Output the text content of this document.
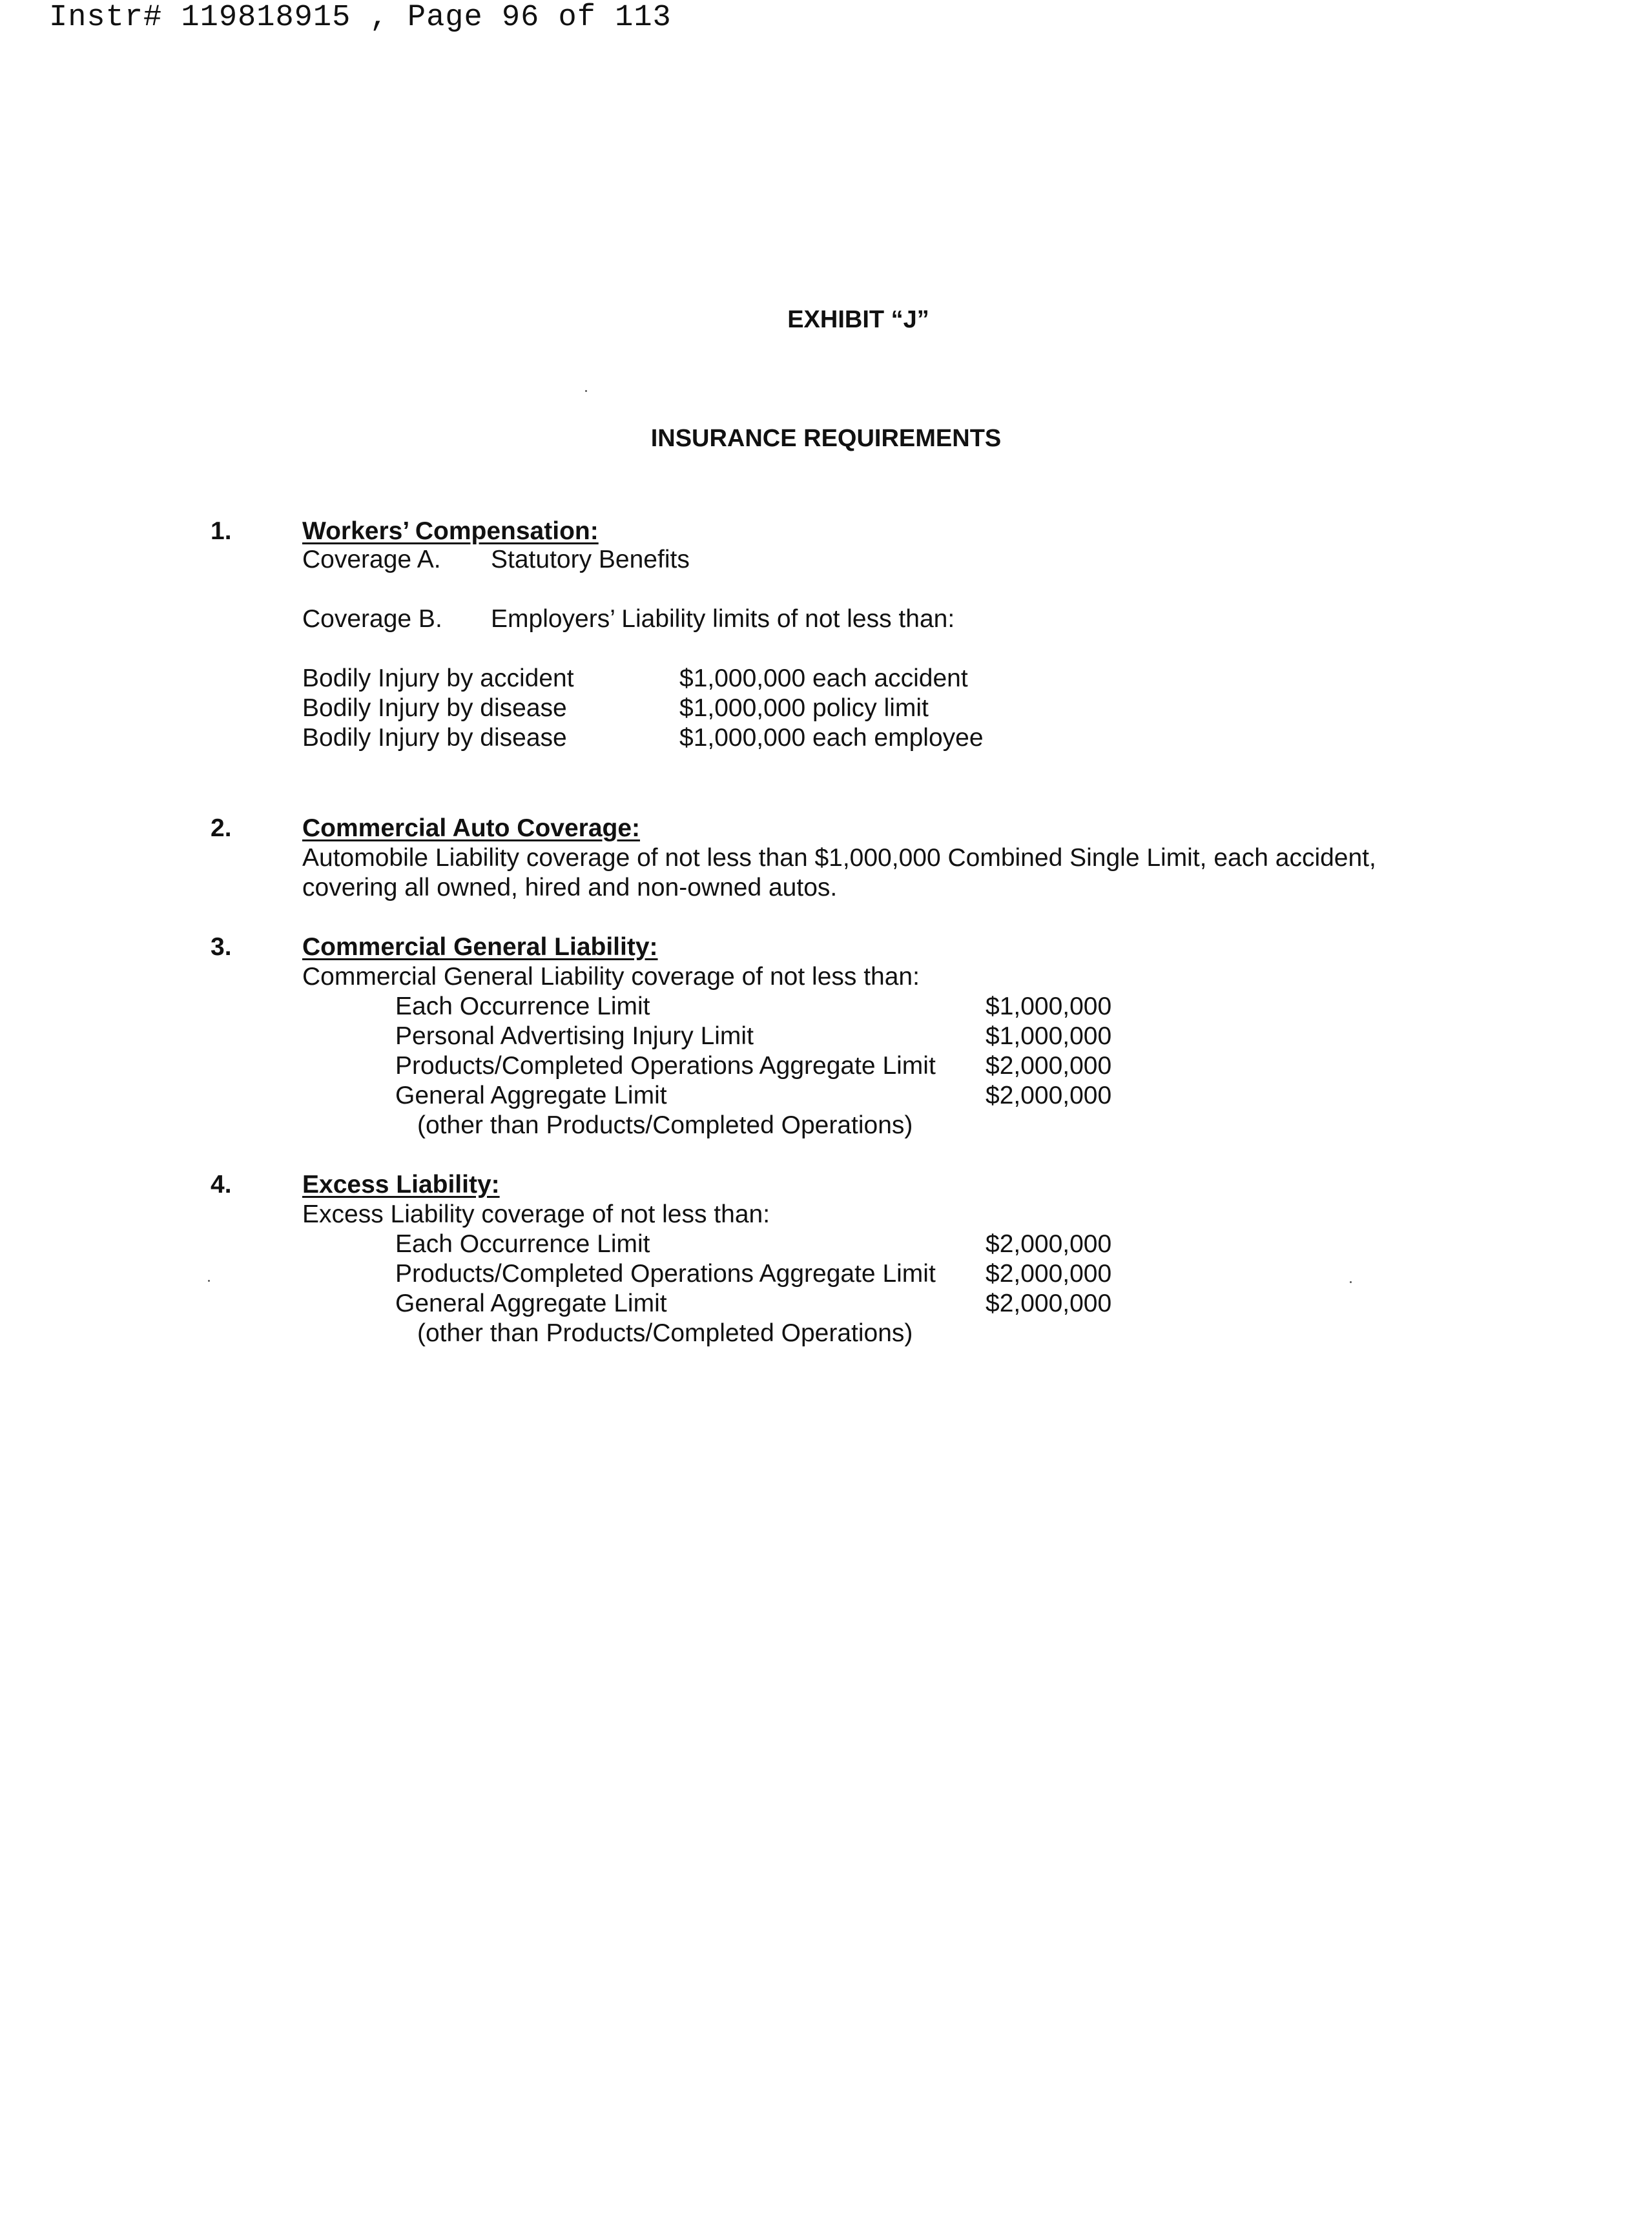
Instr# 119818915 , Page 96 of 113
EXHIBIT “J”
INSURANCE REQUIREMENTS
1.	Workers’ Compensation:
Coverage A. Statutory Benefits
Coverage B. Employers’ Liability limits of not less than:
Bodily Injury by accident	$1,000,000 each accident
Bodily Injury by disease	$1,000,000 policy limit
Bodily Injury by disease	$1,000,000 each employee
2.	Commercial Auto Coverage:
Automobile Liability coverage of not less than $1,000,000 Combined Single Limit, each accident,
covering all owned, hired and non-owned autos.
3.	Commercial General Liability:
Commercial General Liability coverage of not less than:
Each Occurrence Limit	$1,000,000
Personal Advertising Injury Limit	$1,000,000
Products/Completed Operations Aggregate Limit $2,000,000
General Aggregate Limit	$2,000,000
(other than Products/Completed Operations)
4.	Excess Liability:
Excess Liability coverage of not less than:
Each Occurrence Limit	$2,000,000
Products/Completed Operations Aggregate Limit $2,000,000
General Aggregate Limit	$2,000,000
(other than Products/Completed Operations)
